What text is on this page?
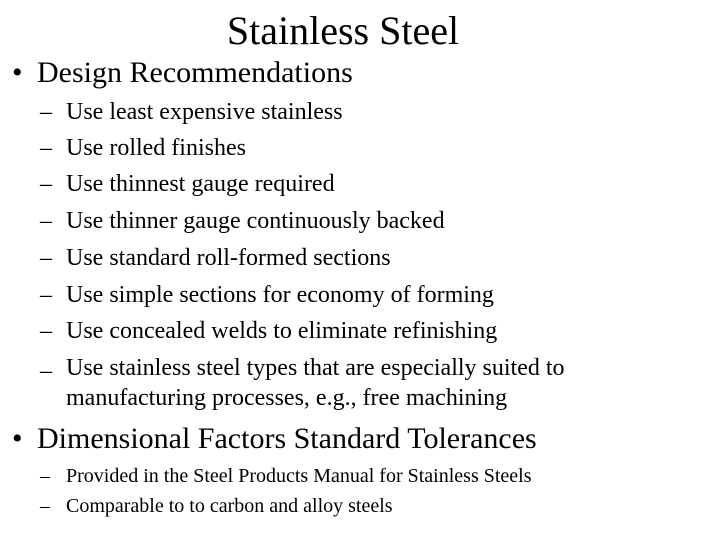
Stainless Steel
• Design Recommendations
– Use least expensive stainless
– Use rolled finishes
– Use thinnest gauge required
– Use thinner gauge continuously backed
– Use standard roll-formed sections
– Use simple sections for economy of forming
– Use concealed welds to eliminate refinishing
– Use stainless steel types that are especially suited to manufacturing processes, e.g., free machining
• Dimensional Factors Standard Tolerances
– Provided in the Steel Products Manual for Stainless Steels
– Comparable to to carbon and alloy steels
